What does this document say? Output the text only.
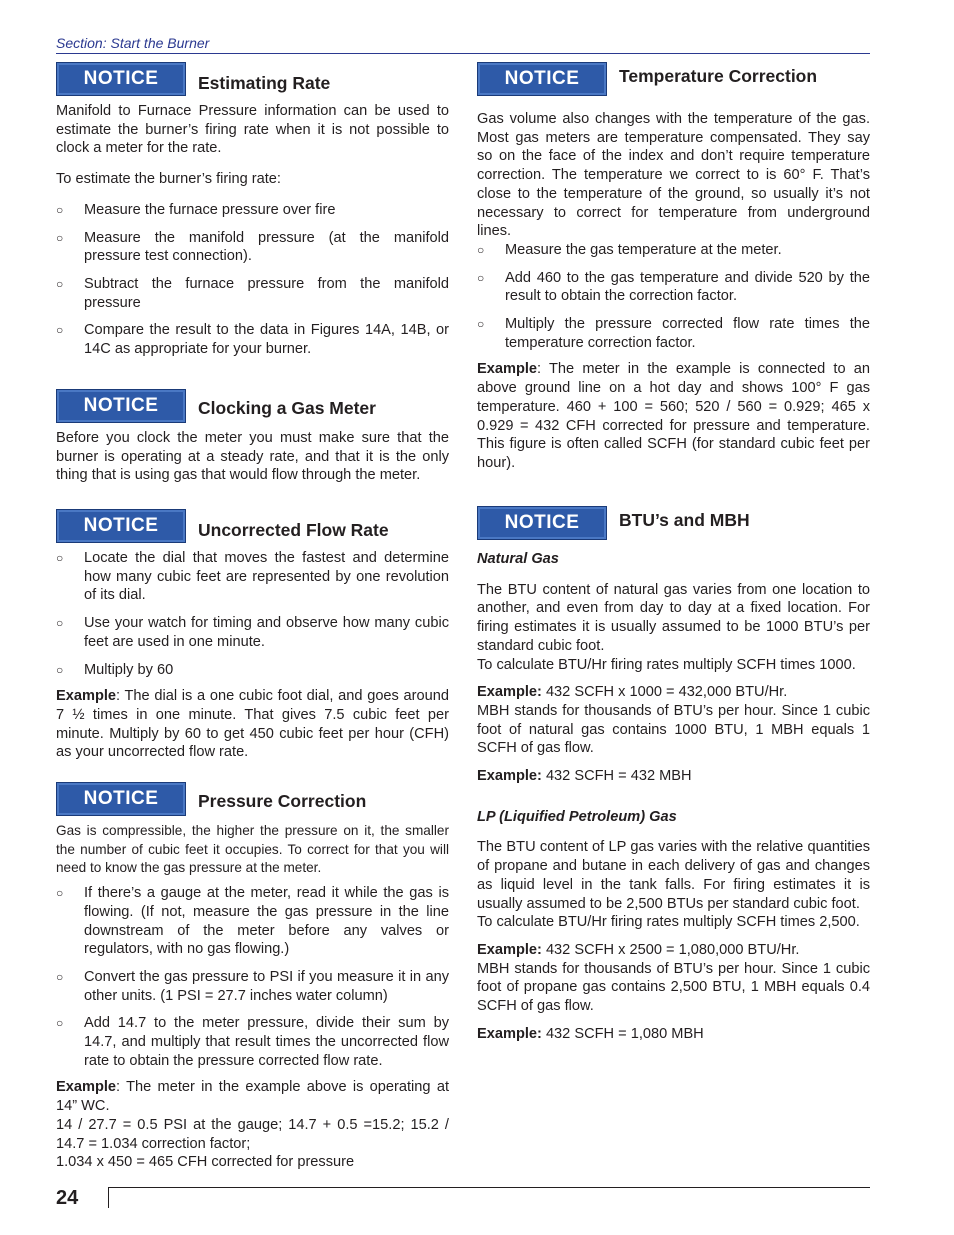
Section: Start the Burner
NOTICE	Estimating Rate

Manifold to Furnace Pressure information can be used to estimate the burner’s firing rate when it is not possible to clock a meter for the rate.

To estimate the burner’s firing rate:

○ Measure the furnace pressure over fire
○ Measure the manifold pressure (at the manifold pressure test connection).
○ Subtract the furnace pressure from the manifold pressure
○ Compare the result to the data in Figures 14A, 14B, or 14C as appropriate for your burner.
NOTICE	Clocking a Gas Meter

Before you clock the meter you must make sure that the burner is operating at a steady rate, and that it is the only thing that is using gas that would flow through the meter.

NOTICE	Uncorrected Flow Rate
○ Locate the dial that moves the fastest and determine how many cubic feet are represented by one revolution of its dial.
○ Use your watch for timing and observe how many cubic feet are used in one minute.
○ Multiply by 60

Example: The dial is a one cubic foot dial, and goes around 7 ½ times in one minute. That gives 7.5 cubic feet per minute. Multiply by 60 to get 450 cubic feet per hour (CFH) as your uncorrected flow rate.

NOTICE	Pressure Correction

Gas is compressible, the higher the pressure on it, the smaller the number of cubic feet it occupies. To correct for that you will need to know the gas pressure at the meter.

○ If there’s a gauge at the meter, read it while the gas is flowing. (If not, measure the gas pressure in the line downstream of the meter before any valves or regulators, with no gas flowing.)
○ Convert the gas pressure to PSI if you measure it in any other units. (1 PSI = 27.7 inches water column)
○ Add 14.7 to the meter pressure, divide their sum by 14.7, and multiply that result times the uncorrected flow rate to obtain the pressure corrected flow rate.

Example: The meter in the example above is operating at 14” WC.

14 / 27.7 = 0.5 PSI at the gauge; 14.7 + 0.5 =15.2; 15.2 / 14.7 = 1.034 correction factor;

1.034 x 450 = 465 CFH corrected for pressure

NOTICE	Temperature Correction

Gas volume also changes with the temperature of the gas. Most gas meters are temperature compensated. They say so on the face of the index and don’t require temperature correction. The temperature we correct to is 60° F. That’s close to the temperature of the ground, so usually it’s not necessary to correct for temperature from underground lines.

○ Measure the gas temperature at the meter.
○ Add 460 to the gas temperature and divide 520 by the result to obtain the correction factor.
○ Multiply the pressure corrected flow rate times the temperature correction factor.

Example: The meter in the example is connected to an above ground line on a hot day and shows 100° F gas temperature. 460 + 100 = 560; 520 / 560 = 0.929; 465 x 0.929 = 432 CFH corrected for pressure and temperature. This figure is often called SCFH (for standard cubic feet per hour).

NOTICE	BTU’s and MBH

Natural Gas

The BTU content of natural gas varies from one location to another, and even from day to day at a fixed location. For firing estimates it is usually assumed to be 1000 BTU’s per standard cubic foot.

To calculate BTU/Hr firing rates multiply SCFH times 1000.

Example: 432 SCFH x 1000 = 432,000 BTU/Hr.

MBH stands for thousands of BTU’s per hour. Since 1 cubic foot of natural gas contains 1000 BTU, 1 MBH equals 1 SCFH of gas flow.

Example: 432 SCFH = 432 MBH

LP (Liquified Petroleum) Gas

The BTU content of LP gas varies with the relative quantities of propane and butane in each delivery of gas and changes as liquid level in the tank falls. For firing estimates it is usually assumed to be 2,500 BTUs per standard cubic foot.

To calculate BTU/Hr firing rates multiply SCFH times 2,500.

Example: 432 SCFH x 2500 = 1,080,000 BTU/Hr.

MBH stands for thousands of BTU’s per hour. Since 1 cubic foot of propane gas contains 2,500 BTU, 1 MBH equals 0.4 SCFH of gas flow.

Example: 432 SCFH = 1,080 MBH

24
